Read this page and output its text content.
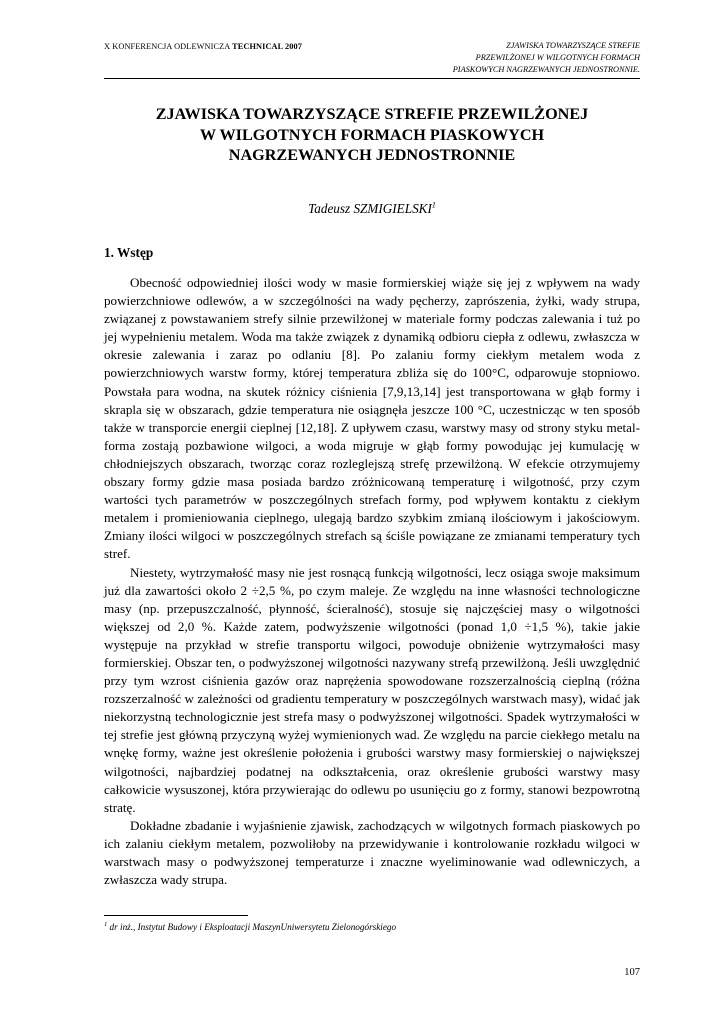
X KONFERENCJA ODLEWNICZA TECHNICAL 2007	ZJAWISKA TOWARZYSZĄCE STREFIE
PRZEWILŻONEJ W WILGOTNYCH FORMACH
PIASKOWYCH NAGRZEWANYCH JEDNOSTRONNIE.
ZJAWISKA TOWARZYSZĄCE STREFIE PRZEWILŻONEJ
W WILGOTNYCH FORMACH PIASKOWYCH
NAGRZEWANYCH JEDNOSTRONNIE
Tadeusz SZMIGIELSKI$^1$
1. Wstęp

Obecność odpowiedniej ilości wody w masie formierskiej wiąże się jej z wpływem na wady powierzchniowe odlewów, a w szczególności na wady pęcherzy, zaprószenia, żyłki, wady strupa, związanej z powstawaniem strefy silnie przewilżonej w materiale formy podczas zalewania i tuż po jej wypełnieniu metalem. Woda ma także związek z dynamiką odbioru ciepła z odlewu, zwłaszcza w okresie zalewania i zaraz po odlaniu [8]. Po zalaniu formy ciekłym metalem woda z powierzchniowych warstw formy, której temperatura zbliża się do 100°C, odparowuje stopniowo. Powstała para wodna, na skutek różnicy ciśnienia [7,9,13,14] jest transportowana w głąb formy i skrapla się w obszarach, gdzie temperatura nie osiągnęła jeszcze 100 °C, uczestnicząc w ten sposób także w transporcie energii cieplnej [12,18]. Z upływem czasu, warstwy masy od strony styku metal-forma zostają pozbawione wilgoci, a woda migruje w głąb formy powodując jej kumulację w chłodniejszych obszarach, tworząc coraz rozleglejszą strefę przewilżoną. W efekcie otrzymujemy obszary formy gdzie masa posiada bardzo zróżnicowaną temperaturę i wilgotność, przy czym wartości tych parametrów w poszczególnych strefach formy, pod wpływem kontaktu z ciekłym metalem i promieniowania cieplnego, ulegają bardzo szybkim zmianą ilościowym i jakościowym. Zmiany ilości wilgoci w poszczególnych strefach są ściśle powiązane ze zmianami temperatury tych stref.

Niestety, wytrzymałość masy nie jest rosnącą funkcją wilgotności, lecz osiąga swoje maksimum już dla zawartości około 2 ÷2,5 %, po czym maleje. Ze względu na inne własności technologiczne masy (np. przepuszczalność, płynność, ścieralność), stosuje się najczęściej masy o wilgotności większej od 2,0 %. Każde zatem, podwyższenie wilgotności (ponad 1,0 ÷1,5 %), takie jakie występuje na przykład w strefie transportu wilgoci, powoduje obniżenie wytrzymałości masy formierskiej. Obszar ten, o podwyższonej wilgotności nazywany strefą przewilżoną. Jeśli uwzględnić przy tym wzrost ciśnienia gazów oraz naprężenia spowodowane rozszerzalnością cieplną (różna rozszerzalność w zależności od gradientu temperatury w poszczególnych warstwach masy), widać jak niekorzystną technologicznie jest strefa masy o podwyższonej wilgotności. Spadek wytrzymałości w tej strefie jest główną przyczyną wyżej wymienionych wad. Ze względu na parcie ciekłego metalu na wnękę formy, ważne jest określenie położenia i grubości warstwy masy formierskiej o największej wilgotności, najbardziej podatnej na odkształcenia, oraz określenie grubości warstwy masy całkowicie wysuszonej, która przywierając do odlewu po usunięciu go z formy, stanowi bezpowrotną stratę.

Dokładne zbadanie i wyjaśnienie zjawisk, zachodzących w wilgotnych formach piaskowych po ich zalaniu ciekłym metalem, pozwoliłoby na przewidywanie i kontrolowanie rozkładu wilgoci w warstwach masy o podwyższonej temperaturze i znaczne wyeliminowanie wad odlewniczych, a zwłaszcza wady strupa.

$^1$ dr inż., Instytut Budowy i Eksploatacji MaszynUniwersytetu Zielonogórskiego
107
